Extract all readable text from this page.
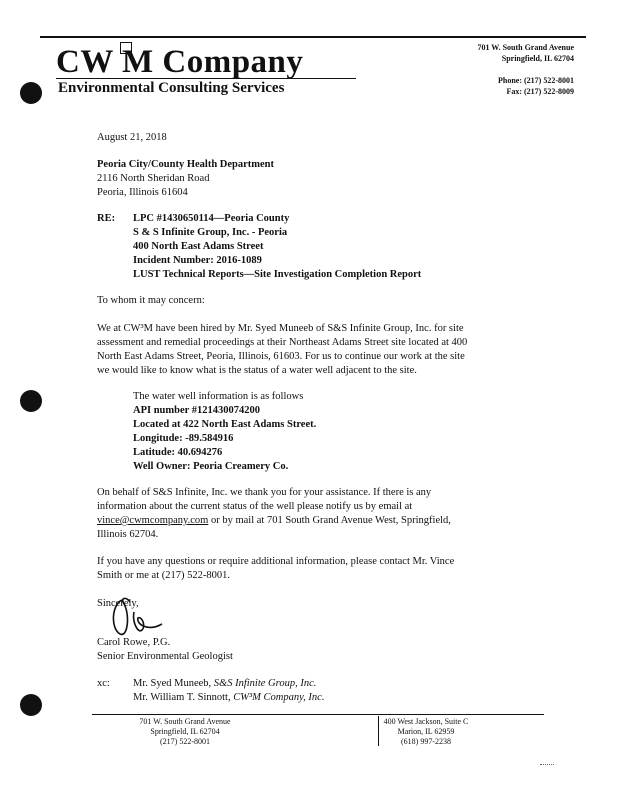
CW M Company
Environmental Consulting Services
701 W. South Grand Avenue
Springfield, IL 62704
Phone: (217) 522-8001
Fax: (217) 522-8009
August 21, 2018
Peoria City/County Health Department
2116 North Sheridan Road
Peoria, Illinois 61604
RE: LPC #1430650114—Peoria County
S & S Infinite Group, Inc. - Peoria
400 North East Adams Street
Incident Number: 2016-1089
LUST Technical Reports—Site Investigation Completion Report
To whom it may concern:
We at CW³M have been hired by Mr. Syed Muneeb of S&S Infinite Group, Inc. for site
assessment and remedial proceedings at their Northeast Adams Street site located at 400
North East Adams Street, Peoria, Illinois, 61603. For us to continue our work at the site
we would like to know what is the status of a water well adjacent to the site.
The water well information is as follows
API number #121430074200
Located at 422 North East Adams Street.
Longitude: -89.584916
Latitude: 40.694276
Well Owner: Peoria Creamery Co.
On behalf of S&S Infinite, Inc. we thank you for your assistance. If there is any
information about the current status of the well please notify us by email at
vince@cwmcompany.com or by mail at 701 South Grand Avenue West, Springfield,
Illinois 62704.
If you have any questions or require additional information, please contact Mr. Vince
Smith or me at (217) 522-8001.
Sincerely,
Carol Rowe, P.G.
Senior Environmental Geologist
xc: Mr. Syed Muneeb, S&S Infinite Group, Inc.
Mr. William T. Sinnott, CW³M Company, Inc.
701 W. South Grand Avenue
Springfield, IL 62704
(217) 522-8001
400 West Jackson, Suite C
Marion, IL 62959
(618) 997-2238
